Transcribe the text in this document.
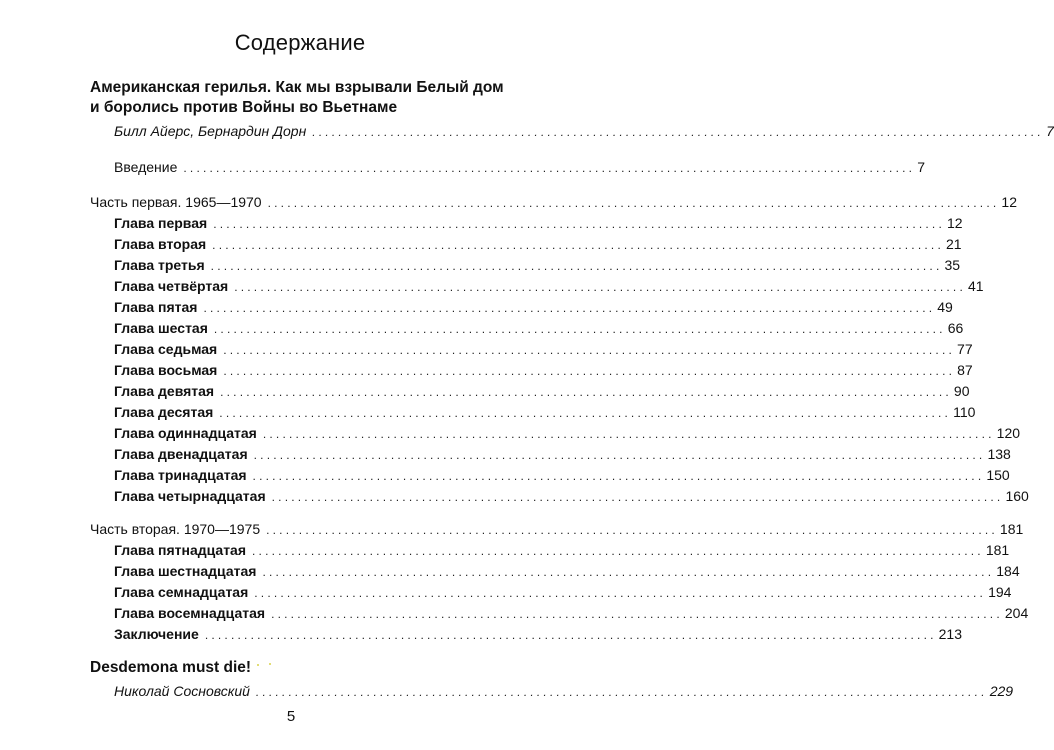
Содержание
Американская герилья. Как мы взрывали Белый дом
и боролись против Войны во Вьетнаме
Билл Айерс, Бернардин Дорн ................................................................................................................ 7
Введение ................................................................................................................ 7
Часть первая. 1965—1970 ................................................................................................................ 12
Глава первая ................................................................................................................ 12
Глава вторая ................................................................................................................ 21
Глава третья ................................................................................................................ 35
Глава четвёртая ................................................................................................................ 41
Глава пятая ................................................................................................................ 49
Глава шестая ................................................................................................................ 66
Глава седьмая ................................................................................................................ 77
Глава восьмая ................................................................................................................ 87
Глава девятая ................................................................................................................ 90
Глава десятая ................................................................................................................ 110
Глава одиннадцатая ................................................................................................................ 120
Глава двенадцатая ................................................................................................................ 138
Глава тринадцатая ................................................................................................................ 150
Глава четырнадцатая ................................................................................................................ 160
Часть вторая. 1970—1975 ................................................................................................................ 181
Глава пятнадцатая ................................................................................................................ 181
Глава шестнадцатая ................................................................................................................ 184
Глава семнадцатая ................................................................................................................ 194
Глава восемнадцатая ................................................................................................................ 204
Заключение ................................................................................................................ 213
Desdemona must die!
Николай Сосновский ................................................................................................................ 229
5
